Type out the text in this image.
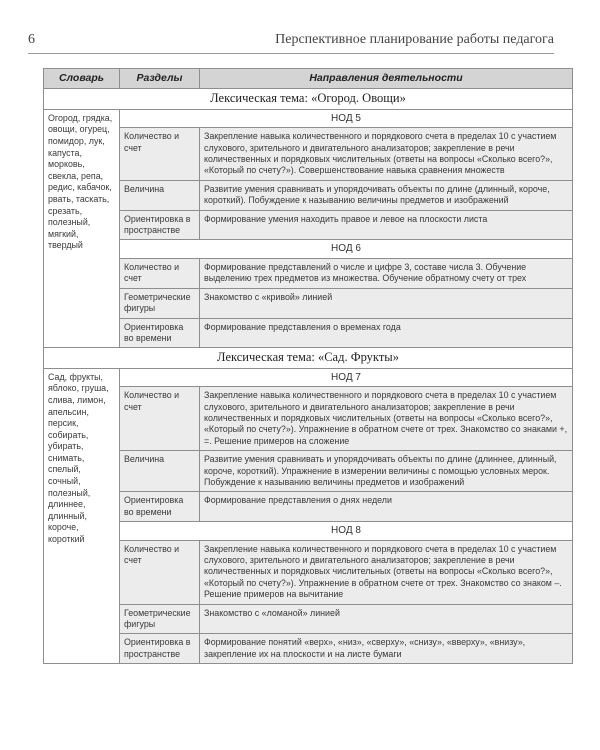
6	Перспективное планирование работы педагога
Словарь	Разделы	Направления деятельности
Лексическая тема: «Огород. Овощи»		
Огород, грядка, овощи, огурец, помидор, лук, капуста, морковь, свекла, репа, редис, кабачок, рвать, таскать, срезать, полезный, мягкий, твердый	НОД 5	
	Количество и счет	Закрепление навыка количественного и порядкового счета в пределах 10 с участием слухового, зрительного и двигательного анализаторов; закрепление в речи количественных и порядковых числительных (ответы на вопросы «Сколько всего?», «Который по счету?»). Совершенствование навыка сравнения множеств
	Величина	Развитие умения сравнивать и упорядочивать объекты по длине (длинный, короче, короткий). Побуждение к называнию величины предметов и изображений
	Ориентировка в пространстве	Формирование умения находить правое и левое на плоскости листа
	НОД 6	
	Количество и счет	Формирование представлений о числе и цифре 3, составе числа 3. Обучение выделению трех предметов из множества. Обучение обратному счету от трех
	Геометрические фигуры	Знакомство с «кривой» линией
	Ориентировка во времени	Формирование представления о временах года
Лексическая тема: «Сад. Фрукты»		
Сад, фрукты, яблоко, груша, слива, лимон, апельсин, персик, собирать, убирать, снимать, спелый, сочный, полезный, длиннее, длинный, короче, короткий	НОД 7	
	Количество и счет	Закрепление навыка количественного и порядкового счета в пределах 10 с участием слухового, зрительного и двигательного анализаторов; закрепление в речи количественных и порядковых числительных (ответы на вопросы «Сколько всего?», «Который по счету?»). Упражнение в обратном счете от трех. Знакомство со знаками +, =. Решение примеров на сложение
	Величина	Развитие умения сравнивать и упорядочивать объекты по длине (длиннее, длинный, короче, короткий). Упражнение в измерении величины с помощью условных мерок. Побуждение к называнию величины предметов и изображений
	Ориентировка во времени	Формирование представления о днях недели
	НОД 8	
	Количество и счет	Закрепление навыка количественного и порядкового счета в пределах 10 с участием слухового, зрительного и двигательного анализаторов; закрепление в речи количественных и порядковых числительных (ответы на вопросы «Сколько всего?», «Который по счету?»). Упражнение в обратном счете от трех. Знакомство со знаком –. Решение примеров на вычитание
	Геометрические фигуры	Знакомство с «ломаной» линией
	Ориентировка в пространстве	Формирование понятий «верх», «низ», «сверху», «снизу», «вверху», «внизу», закрепление их на плоскости и на листе бумаги
